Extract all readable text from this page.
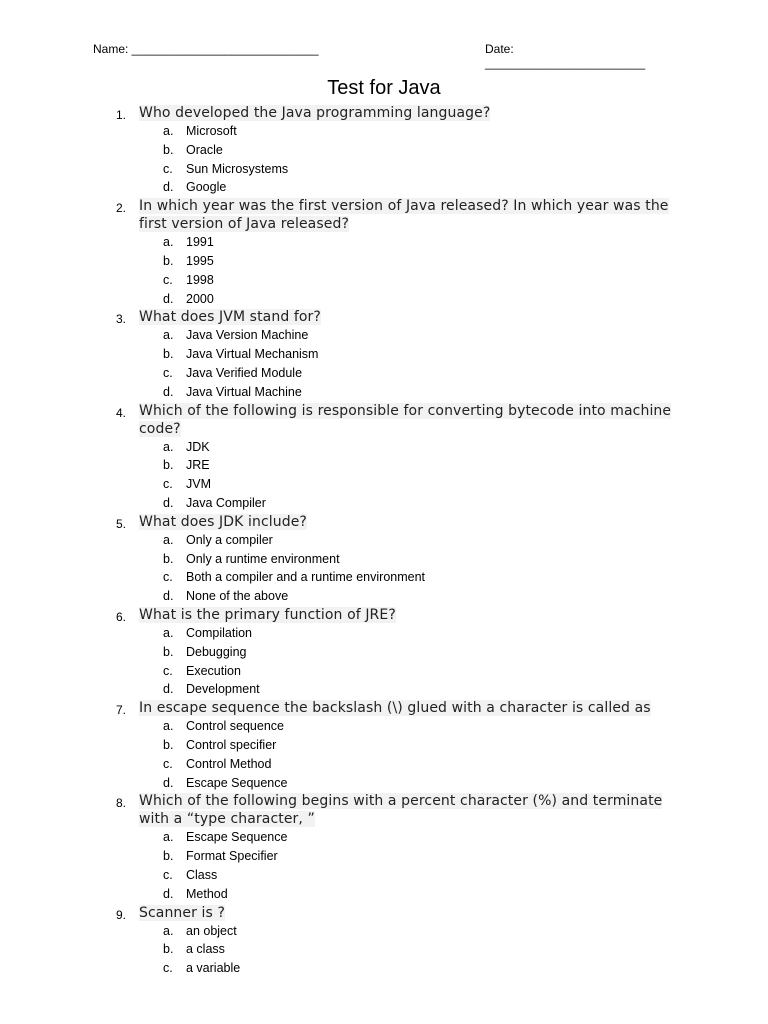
Name: ____________________________	Date: ________________________
Test for Java
1. Who developed the Java programming language?
a. Microsoft
b. Oracle
c. Sun Microsystems
d. Google
2. In which year was the first version of Java released? In which year was the first version of Java released?
a. 1991
b. 1995
c. 1998
d. 2000
3. What does JVM stand for?
a. Java Version Machine
b. Java Virtual Mechanism
c. Java Verified Module
d. Java Virtual Machine
4. Which of the following is responsible for converting bytecode into machine code?
a. JDK
b. JRE
c. JVM
d. Java Compiler
5. What does JDK include?
a. Only a compiler
b. Only a runtime environment
c. Both a compiler and a runtime environment
d. None of the above
6. What is the primary function of JRE?
a. Compilation
b. Debugging
c. Execution
d. Development
7. In escape sequence the backslash (\) glued with a character is called as
a. Control sequence
b. Control specifier
c. Control Method
d. Escape Sequence
8. Which of the following begins with a percent character (%) and terminate with a “type character, ”
a. Escape Sequence
b. Format Specifier
c. Class
d. Method
9. Scanner is ?
a. an object
b. a class
c. a variable
